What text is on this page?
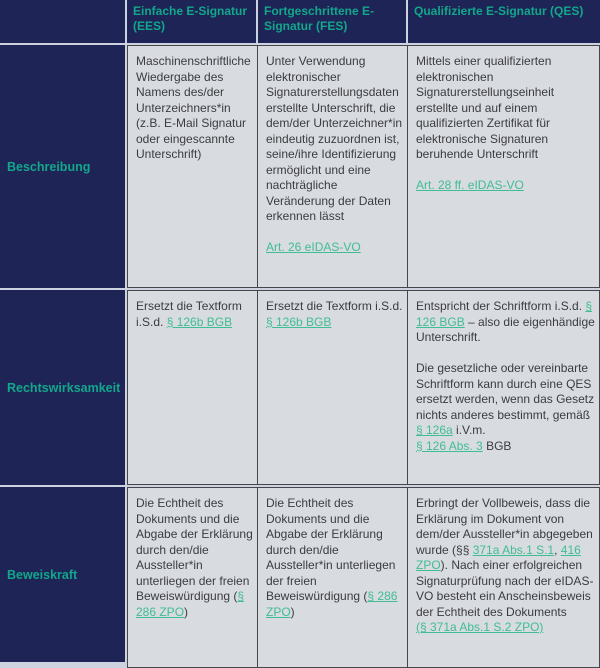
Einfache E-Signatur (EES)
Fortgeschrittene E-Signatur (FES)
Qualifizierte E-Signatur (QES)
Beschreibung
Maschinenschriftliche Wiedergabe des Namens des/der Unterzeichners*in (z.B. E-Mail Signatur oder eingescannte Unterschrift)
Unter Verwendung elektronischer Signaturerstellungsdaten erstellte Unterschrift, die dem/der Unterzeichner*in eindeutig zuzuordnen ist, seine/ihre Identifizierung ermöglicht und eine nachträgliche Veränderung der Daten erkennen lässt

Art. 26 eIDAS-VO
Mittels einer qualifizierten elektronischen Signaturerstellungseinheit erstellte und auf einem qualifizierten Zertifikat für elektronische Signaturen beruhende Unterschrift

Art. 28 ff. eIDAS-VO
Rechtswirksamkeit
Ersetzt die Textform i.S.d. § 126b BGB
Ersetzt die Textform i.S.d. § 126b BGB
Entspricht der Schriftform i.S.d. § 126 BGB – also die eigenhändige Unterschrift.

Die gesetzliche oder vereinbarte Schriftform kann durch eine QES ersetzt werden, wenn das Gesetz nichts anderes bestimmt, gemäß § 126a i.V.m.
§ 126 Abs. 3 BGB
Beweiskraft
Die Echtheit des Dokuments und die Abgabe der Erklärung durch den/die Aussteller*in unterliegen der freien Beweiswürdigung (§ 286 ZPO)
Die Echtheit des Dokuments und die Abgabe der Erklärung durch den/die Aussteller*in unterliegen der freien Beweiswürdigung (§ 286 ZPO)
Erbringt der Vollbeweis, dass die Erklärung im Dokument von dem/der Aussteller*in abgegeben wurde (§§ 371a Abs.1 S.1, 416 ZPO). Nach einer erfolgreichen Signaturprüfung nach der eIDAS-VO besteht ein Anscheinsbeweis der Echtheit des Dokuments
(§ 371a Abs.1 S.2 ZPO)
